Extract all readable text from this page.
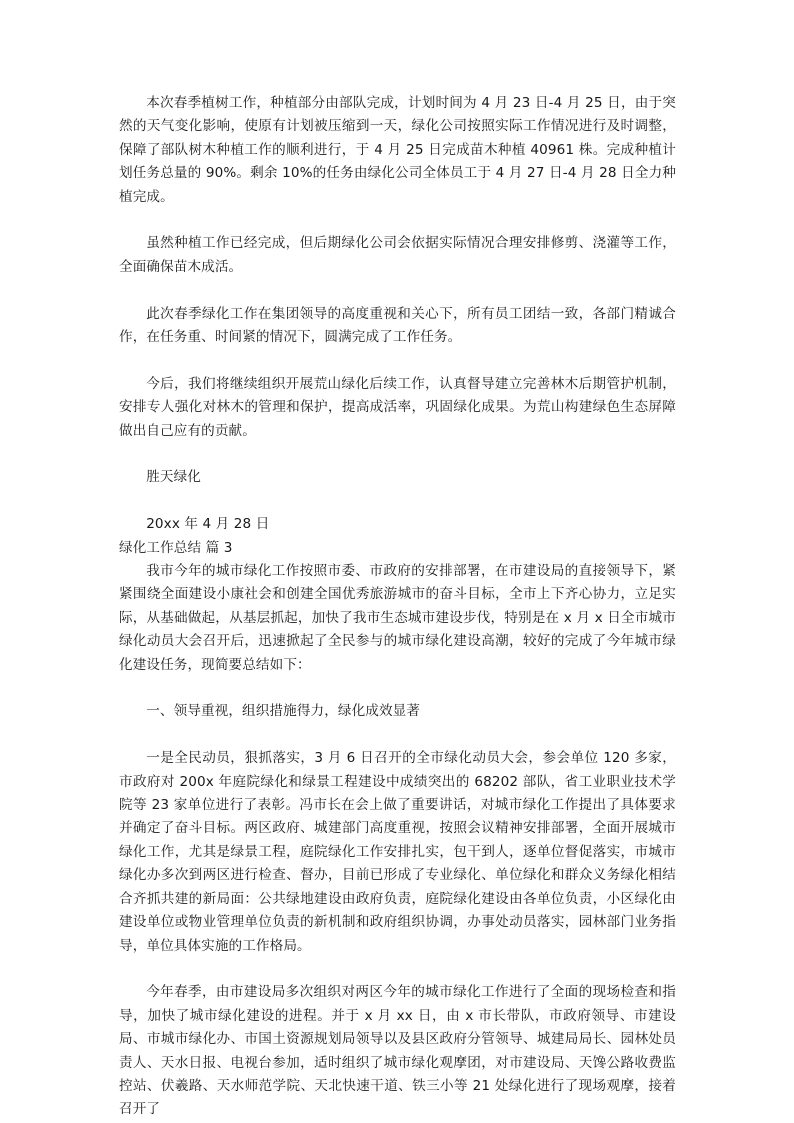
本次春季植树工作，种植部分由部队完成，计划时间为 4 月 23 日-4 月 25 日，由于突然的天气变化影响，使原有计划被压缩到一天，绿化公司按照实际工作情况进行及时调整，保障了部队树木种植工作的顺利进行，于 4 月 25 日完成苗木种植 40961 株。完成种植计划任务总量的 90%。剩余 10%的任务由绿化公司全体员工于 4 月 27 日-4 月 28 日全力种植完成。

虽然种植工作已经完成，但后期绿化公司会依据实际情况合理安排修剪、浇灌等工作，全面确保苗木成活。

此次春季绿化工作在集团领导的高度重视和关心下，所有员工团结一致，各部门精诚合作，在任务重、时间紧的情况下，圆满完成了工作任务。

今后，我们将继续组织开展荒山绿化后续工作，认真督导建立完善林木后期管护机制，安排专人强化对林木的管理和保护，提高成活率，巩固绿化成果。为荒山构建绿色生态屏障做出自己应有的贡献。

胜天绿化

20xx 年 4 月 28 日

绿化工作总结 篇 3

我市今年的城市绿化工作按照市委、市政府的安排部署，在市建设局的直接领导下，紧紧围绕全面建设小康社会和创建全国优秀旅游城市的奋斗目标，全市上下齐心协力，立足实际，从基础做起，从基层抓起，加快了我市生态城市建设步伐，特别是在 x 月 x 日全市城市绿化动员大会召开后，迅速掀起了全民参与的城市绿化建设高潮，较好的完成了今年城市绿化建设任务，现简要总结如下：

一、领导重视，组织措施得力，绿化成效显著

一是全民动员，狠抓落实，3 月 6 日召开的全市绿化动员大会，参会单位 120 多家，市政府对 200x 年庭院绿化和绿景工程建设中成绩突出的 68202 部队，省工业职业技术学院等 23 家单位进行了表彰。冯市长在会上做了重要讲话，对城市绿化工作提出了具体要求并确定了奋斗目标。两区政府、城建部门高度重视，按照会议精神安排部署，全面开展城市绿化工作，尤其是绿景工程，庭院绿化工作安排扎实，包干到人，逐单位督促落实，市城市绿化办多次到两区进行检查、督办，目前已形成了专业绿化、单位绿化和群众义务绿化相结合齐抓共建的新局面：公共绿地建设由政府负责，庭院绿化建设由各单位负责，小区绿化由建设单位或物业管理单位负责的新机制和政府组织协调，办事处动员落实，园林部门业务指导，单位具体实施的工作格局。

今年春季，由市建设局多次组织对两区今年的城市绿化工作进行了全面的现场检查和指导，加快了城市绿化建设的进程。并于 x 月 xx 日，由 x 市长带队，市政府领导、市建设局、市城市绿化办、市国土资源规划局领导以及县区政府分管领导、城建局局长、园林处员责人、天水日报、电视台参加，适时组织了城市绿化观摩团，对市建设局、天馋公路收费监控站、伏羲路、天水师范学院、天北快速干道、铁三小等 21 处绿化进行了现场观摩，接着召开了
